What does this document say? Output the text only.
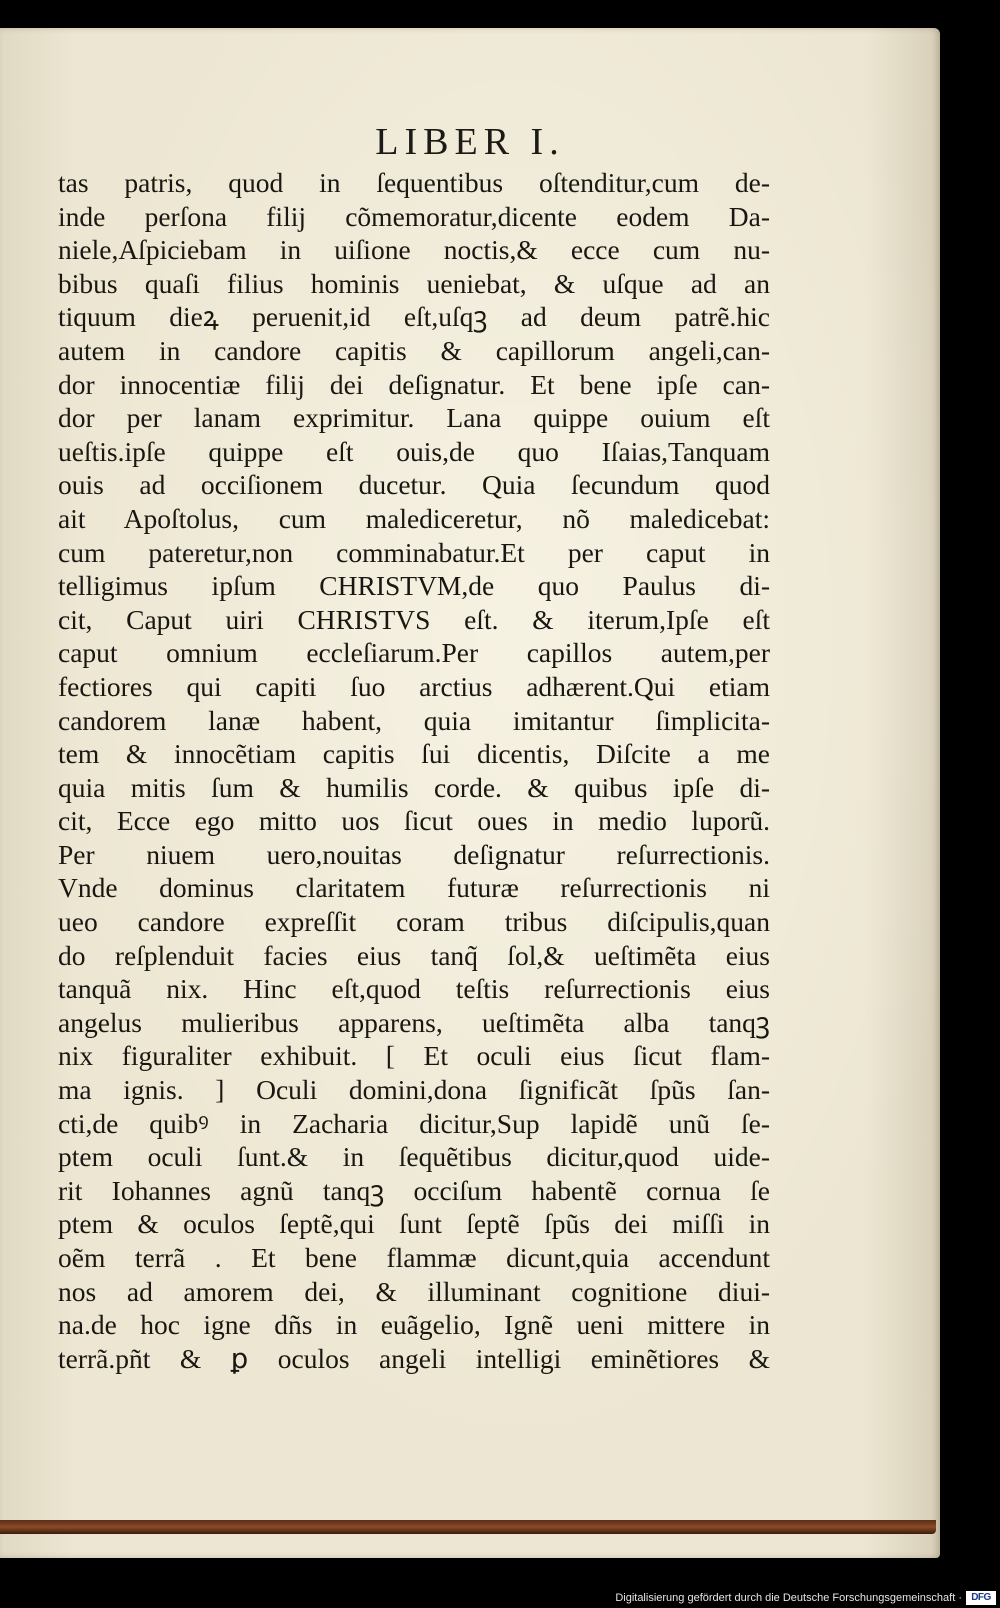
LIBER I.
tas patris, quod in ſequentibus oſtenditur,cum de-
inde perſona filij cõmemoratur,dicente eodem Da-
niele,Aſpiciebam in uiſione noctis,& ecce cum nu-
bibus quaſi filius hominis ueniebat, & uſque ad an
tiquum dieꝝ peruenit,id eſt,uſqꝫ ad deum patrẽ.hic
autem in candore capitis & capillorum angeli,can-
dor innocentiæ filij dei deſignatur. Et bene ipſe can-
dor per lanam exprimitur. Lana quippe ouium eſt
ueſtis.ipſe quippe eſt ouis,de quo Iſaias,Tanquam
ouis ad occiſionem ducetur. Quia ſecundum quod
ait Apoſtolus, cum malediceretur, nõ maledicebat:
cum pateretur,non comminabatur.Et per caput in
telligimus ipſum CHRISTVM,de quo Paulus di-
cit, Caput uiri CHRISTVS eſt. & iterum,Ipſe eſt
caput omnium eccleſiarum.Per capillos autem,per
fectiores qui capiti ſuo arctius adhærent.Qui etiam
candorem lanæ habent, quia imitantur ſimplicita-
tem & innocẽtiam capitis ſui dicentis, Diſcite a me
quia mitis ſum & humilis corde. & quibus ipſe di-
cit, Ecce ego mitto uos ſicut oues in medio luporũ.
Per niuem uero,nouitas deſignatur reſurrectionis.
Vnde dominus claritatem futuræ reſurrectionis ni
ueo candore expreſſit coram tribus diſcipulis,quan
do reſplenduit facies eius tanq̃ ſol,& ueſtimẽta eius
tanquã nix. Hinc eſt,quod teſtis reſurrectionis eius
angelus mulieribus apparens, ueſtimẽta alba tanqꝫ
nix figuraliter exhibuit. [ Et oculi eius ſicut flam-
ma ignis. ] Oculi domini,dona ſignificãt ſpũs ſan-
cti,de quibꝰ in Zacharia dicitur,Sup lapidẽ unũ ſe-
ptem oculi ſunt.& in ſequẽtibus dicitur,quod uide-
rit Iohannes agnũ tanqꝫ occiſum habentẽ cornua ſe
ptem & oculos ſeptẽ,qui ſunt ſeptẽ ſpũs dei miſſi in
oẽm terrã . Et bene flammæ dicunt,quia accendunt
nos ad amorem dei, & illuminant cognitione diui-
na.de hoc igne dñs in euãgelio, Ignẽ ueni mittere in
terrã.pñt & ꝑ oculos angeli intelligi eminẽtiores &
Digitalisierung gefördert durch die Deutsche Forschungsgemeinschaft · DFG
